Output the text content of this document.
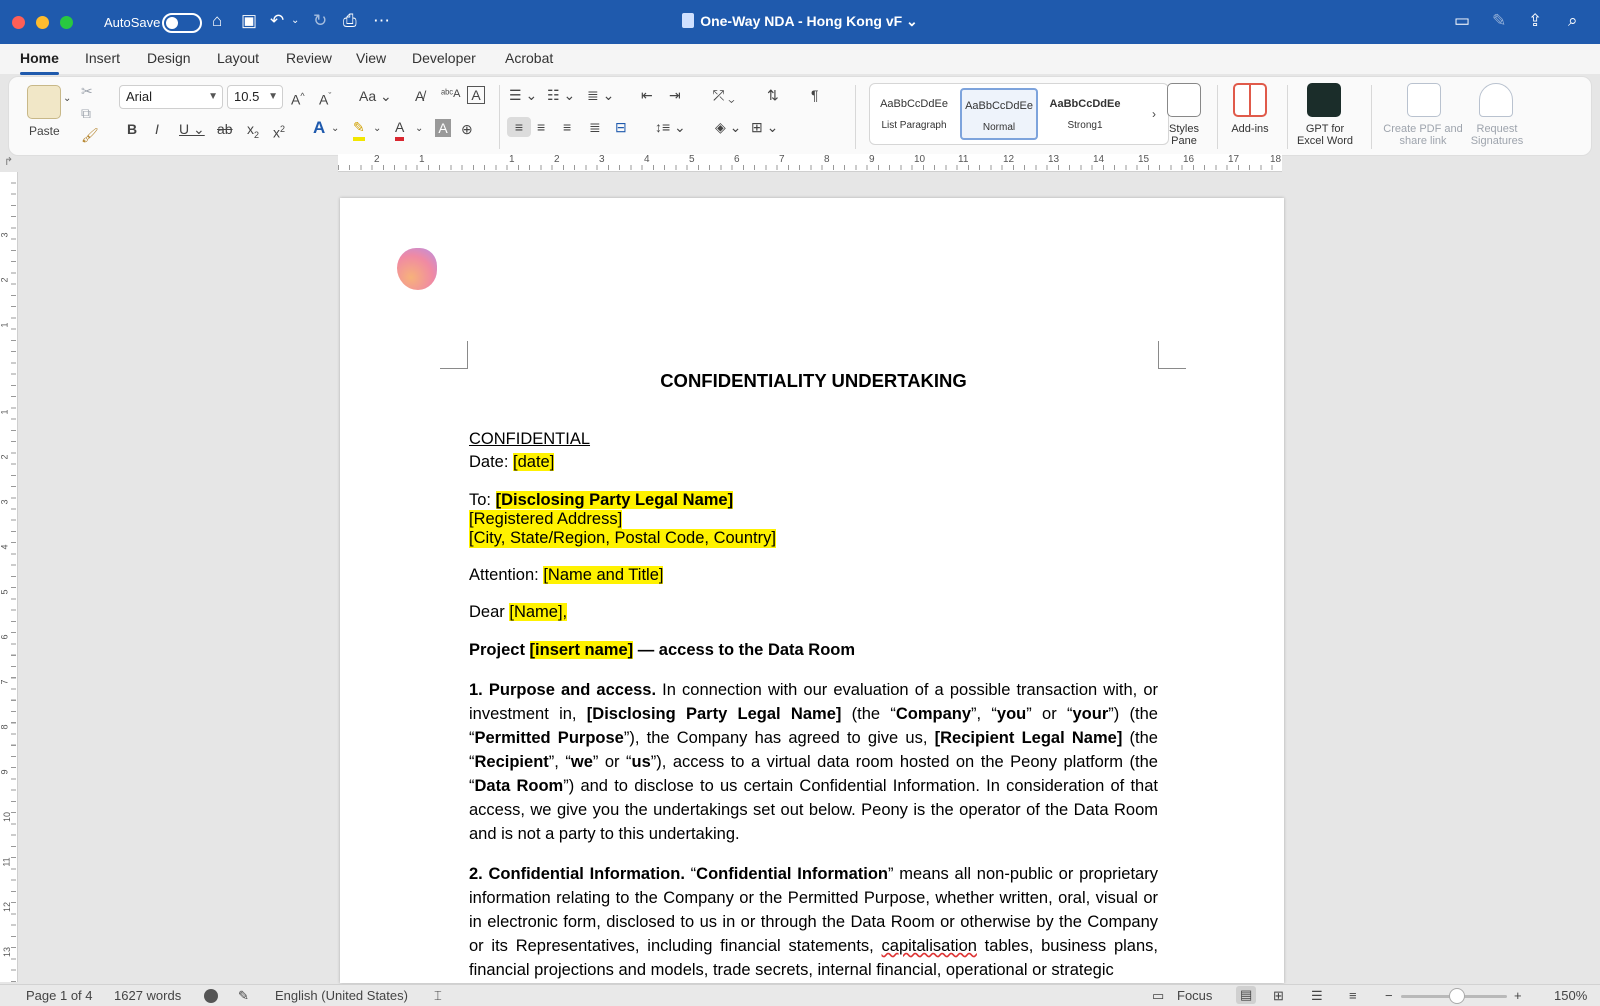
AutoSave	⌂ ▣ ↶ ⌄ ↻ ⎙ ⋯	One-Way NDA - Hong Kong vF ⌄	▭ ✎ ⇪ ⌕
Home Insert Design Layout Review View Developer Acrobat
⌄
Paste
✂
⧉
🖌
Arial	▼	10.5 ▼ A^ $A^ˇ$ Aa ⌄ A̸ ᵃᵇᶜA A
B I U ⌄ ab $x_2$ $x^2$ A ⌄ ✎ ⌄ A ⌄ A ⊕
☰ ⌄ ☷ ⌄ ≣ ⌄ ⇤ ⇥ ⤱ ⌄ ⇅ ¶
≡ ≡ ≡ ≣ ⊟ ↕≡ ⌄ ◈ ⌄ ⊞ ⌄
AaBbCcDdEe
List Paragraph
AaBbCcDdEe
Normal
AaBbCcDdEe
Strong1
›
Styles Pane
Add-ins	GPT for Excel Word
Create PDF and share link
Request Signatures
↱	2	1	1	2	3	4	5	6	7	8	9	10	11	12	13	14	15	16	17	18
3
2
1
1
2
3
4
5
6
7
8
9
10
11
12
13
CONFIDENTIALITY UNDERTAKING
CONFIDENTIAL
Date: [date]
To: [Disclosing Party Legal Name]
[Registered Address]
[City, State/Region, Postal Code, Country]
Attention: [Name and Title]
Dear [Name],
Project [insert name] — access to the Data Room
1. Purpose and access. In connection with our evaluation of a possible transaction with, or investment in, [Disclosing Party Legal Name] (the “Company”, “you” or “your”) (the “Permitted Purpose”), the Company has agreed to give us, [Recipient Legal Name] (the “Recipient”, “we” or “us”), access to a virtual data room hosted on the Peony platform (the “Data Room”) and to disclose to us certain Confidential Information. In consideration of that access, we give you the undertakings set out below. Peony is the operator of the Data Room and is not a party to this undertaking.
2. Confidential Information. “Confidential Information” means all non-public or proprietary information relating to the Company or the Permitted Purpose, whether written, oral, visual or in electronic form, disclosed to us in or through the Data Room or otherwise by the Company or its Representatives, including financial statements, capitalisation tables, business plans, financial projections and models, trade secrets, internal financial, operational or strategic
Page 1 of 4 1627 words	✎ English (United States) ⌶	▭ Focus	▤	⊞ ☰ ≡ −	+ 150%
